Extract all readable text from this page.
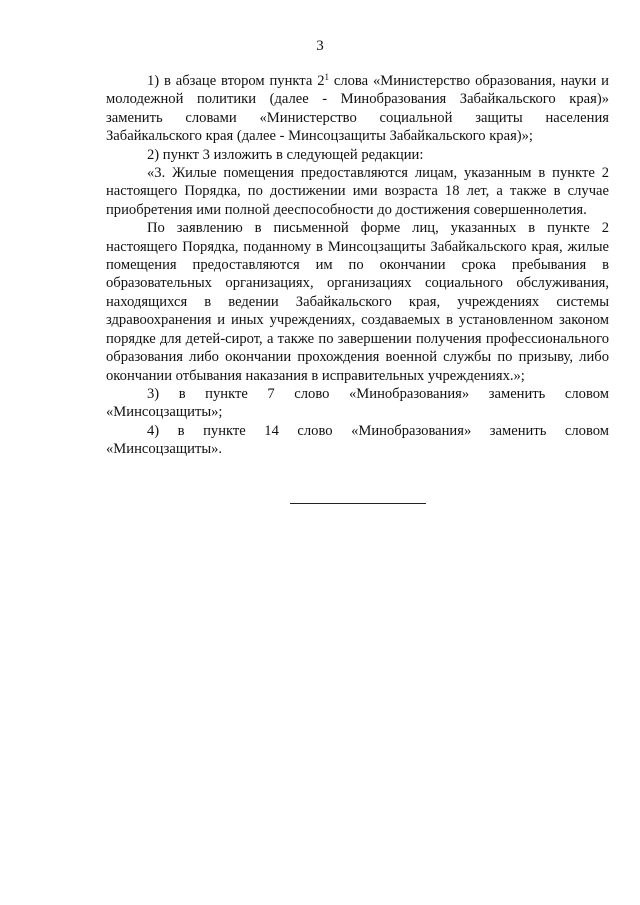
3

1) в абзаце втором пункта $2^1$ слова «Министерство образования, науки и молодежной политики (далее - Минобразования Забайкальского края)» заменить словами «Министерство социальной защиты населения Забайкальского края (далее - Минсоцзащиты Забайкальского края)»;

2) пункт 3 изложить в следующей редакции:

«3. Жилые помещения предоставляются лицам, указанным в пункте 2 настоящего Порядка, по достижении ими возраста 18 лет, а также в случае приобретения ими полной дееспособности до достижения совершеннолетия.

По заявлению в письменной форме лиц, указанных в пункте 2 настоящего Порядка, поданному в Минсоцзащиты Забайкальского края, жилые помещения предоставляются им по окончании срока пребывания в образовательных организациях, организациях социального обслуживания, находящихся в ведении Забайкальского края, учреждениях системы здравоохранения и иных учреждениях, создаваемых в установленном законом порядке для детей-сирот, а также по завершении получения профессионального образования либо окончании прохождения военной службы по призыву, либо окончании отбывания наказания в исправительных учреждениях.»;

3) в пункте 7 слово «Минобразования» заменить словом «Минсоцзащиты»;

4) в пункте 14 слово «Минобразования» заменить словом «Минсоцзащиты».
